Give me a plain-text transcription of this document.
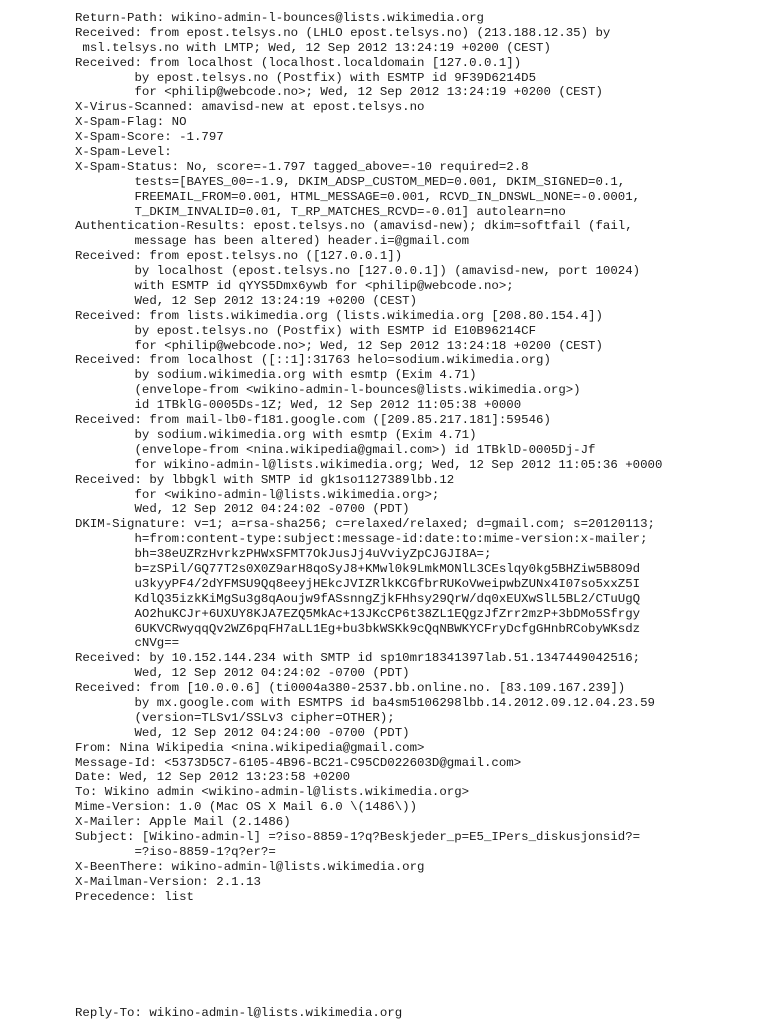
Return-Path: wikino-admin-l-bounces@lists.wikimedia.org
Received: from epost.telsys.no (LHLO epost.telsys.no) (213.188.12.35) by
msl.telsys.no with LMTP; Wed, 12 Sep 2012 13:24:19 +0200 (CEST)
Received: from localhost (localhost.localdomain [127.0.0.1])
by epost.telsys.no (Postfix) with ESMTP id 9F39D6214D5
for <philip@webcode.no>; Wed, 12 Sep 2012 13:24:19 +0200 (CEST)
X-Virus-Scanned: amavisd-new at epost.telsys.no
X-Spam-Flag: NO
X-Spam-Score: -1.797
X-Spam-Level:
X-Spam-Status: No, score=-1.797 tagged_above=-10 required=2.8
tests=[BAYES_00=-1.9, DKIM_ADSP_CUSTOM_MED=0.001, DKIM_SIGNED=0.1,
FREEMAIL_FROM=0.001, HTML_MESSAGE=0.001, RCVD_IN_DNSWL_NONE=-0.0001,
T_DKIM_INVALID=0.01, T_RP_MATCHES_RCVD=-0.01] autolearn=no
Authentication-Results: epost.telsys.no (amavisd-new); dkim=softfail (fail,
message has been altered) header.i=@gmail.com
Received: from epost.telsys.no ([127.0.0.1])
by localhost (epost.telsys.no [127.0.0.1]) (amavisd-new, port 10024)
with ESMTP id qYYS5Dmx6ywb for <philip@webcode.no>;
Wed, 12 Sep 2012 13:24:19 +0200 (CEST)
Received: from lists.wikimedia.org (lists.wikimedia.org [208.80.154.4])
by epost.telsys.no (Postfix) with ESMTP id E10B96214CF
for <philip@webcode.no>; Wed, 12 Sep 2012 13:24:18 +0200 (CEST)
Received: from localhost ([::1]:31763 helo=sodium.wikimedia.org)
by sodium.wikimedia.org with esmtp (Exim 4.71)
(envelope-from <wikino-admin-l-bounces@lists.wikimedia.org>)
id 1TBklG-0005Ds-1Z; Wed, 12 Sep 2012 11:05:38 +0000
Received: from mail-lb0-f181.google.com ([209.85.217.181]:59546)
by sodium.wikimedia.org with esmtp (Exim 4.71)
(envelope-from <nina.wikipedia@gmail.com>) id 1TBklD-0005Dj-Jf
for wikino-admin-l@lists.wikimedia.org; Wed, 12 Sep 2012 11:05:36 +0000
Received: by lbbgkl with SMTP id gk1so1127389lbb.12
for <wikino-admin-l@lists.wikimedia.org>;
Wed, 12 Sep 2012 04:24:02 -0700 (PDT)
DKIM-Signature: v=1; a=rsa-sha256; c=relaxed/relaxed; d=gmail.com; s=20120113;
h=from:content-type:subject:message-id:date:to:mime-version:x-mailer;
bh=38eUZRzHvrkzPHWxSFMT7OkJusJj4uVviyZpCJGJI8A=;
b=zSPil/GQ77T2s0X0Z9arH8qoSyJ8+KMwl0k9LmkMONlL3CEslqy0kg5BHZiw5B8O9d
u3kyyPF4/2dYFMSU9Qq8eeyjHEkcJVIZRlkKCGfbrRUKoVweipwbZUNx4I07so5xxZ5I
KdlQ35izkKiMgSu3g8qAoujw9fASsnngZjkFHhsy29QrW/dq0xEUXwSlL5BL2/CTuUgQ
AO2huKCJr+6UXUY8KJA7EZQ5MkAc+13JKcCP6t38ZL1EQgzJfZrr2mzP+3bDMo5Sfrgy
6UKVCRwyqqQv2WZ6pqFH7aLL1Eg+bu3bkWSKk9cQqNBWKYCFryDcfgGHnbRCobyWKsdz
cNVg==
Received: by 10.152.144.234 with SMTP id sp10mr18341397lab.51.1347449042516;
Wed, 12 Sep 2012 04:24:02 -0700 (PDT)
Received: from [10.0.0.6] (ti0004a380-2537.bb.online.no. [83.109.167.239])
by mx.google.com with ESMTPS id ba4sm5106298lbb.14.2012.09.12.04.23.59
(version=TLSv1/SSLv3 cipher=OTHER);
Wed, 12 Sep 2012 04:24:00 -0700 (PDT)
From: Nina Wikipedia <nina.wikipedia@gmail.com>
Message-Id: <5373D5C7-6105-4B96-BC21-C95CD022603D@gmail.com>
Date: Wed, 12 Sep 2012 13:23:58 +0200
To: Wikino admin <wikino-admin-l@lists.wikimedia.org>
Mime-Version: 1.0 (Mac OS X Mail 6.0 \(1486\))
X-Mailer: Apple Mail (2.1486)
Subject: [Wikino-admin-l] =?iso-8859-1?q?Beskjeder_p=E5_IPers_diskusjonsid?=
=?iso-8859-1?q?er?=
X-BeenThere: wikino-admin-l@lists.wikimedia.org
X-Mailman-Version: 2.1.13
Precedence: list
Reply-To: wikino-admin-l@lists.wikimedia.org
